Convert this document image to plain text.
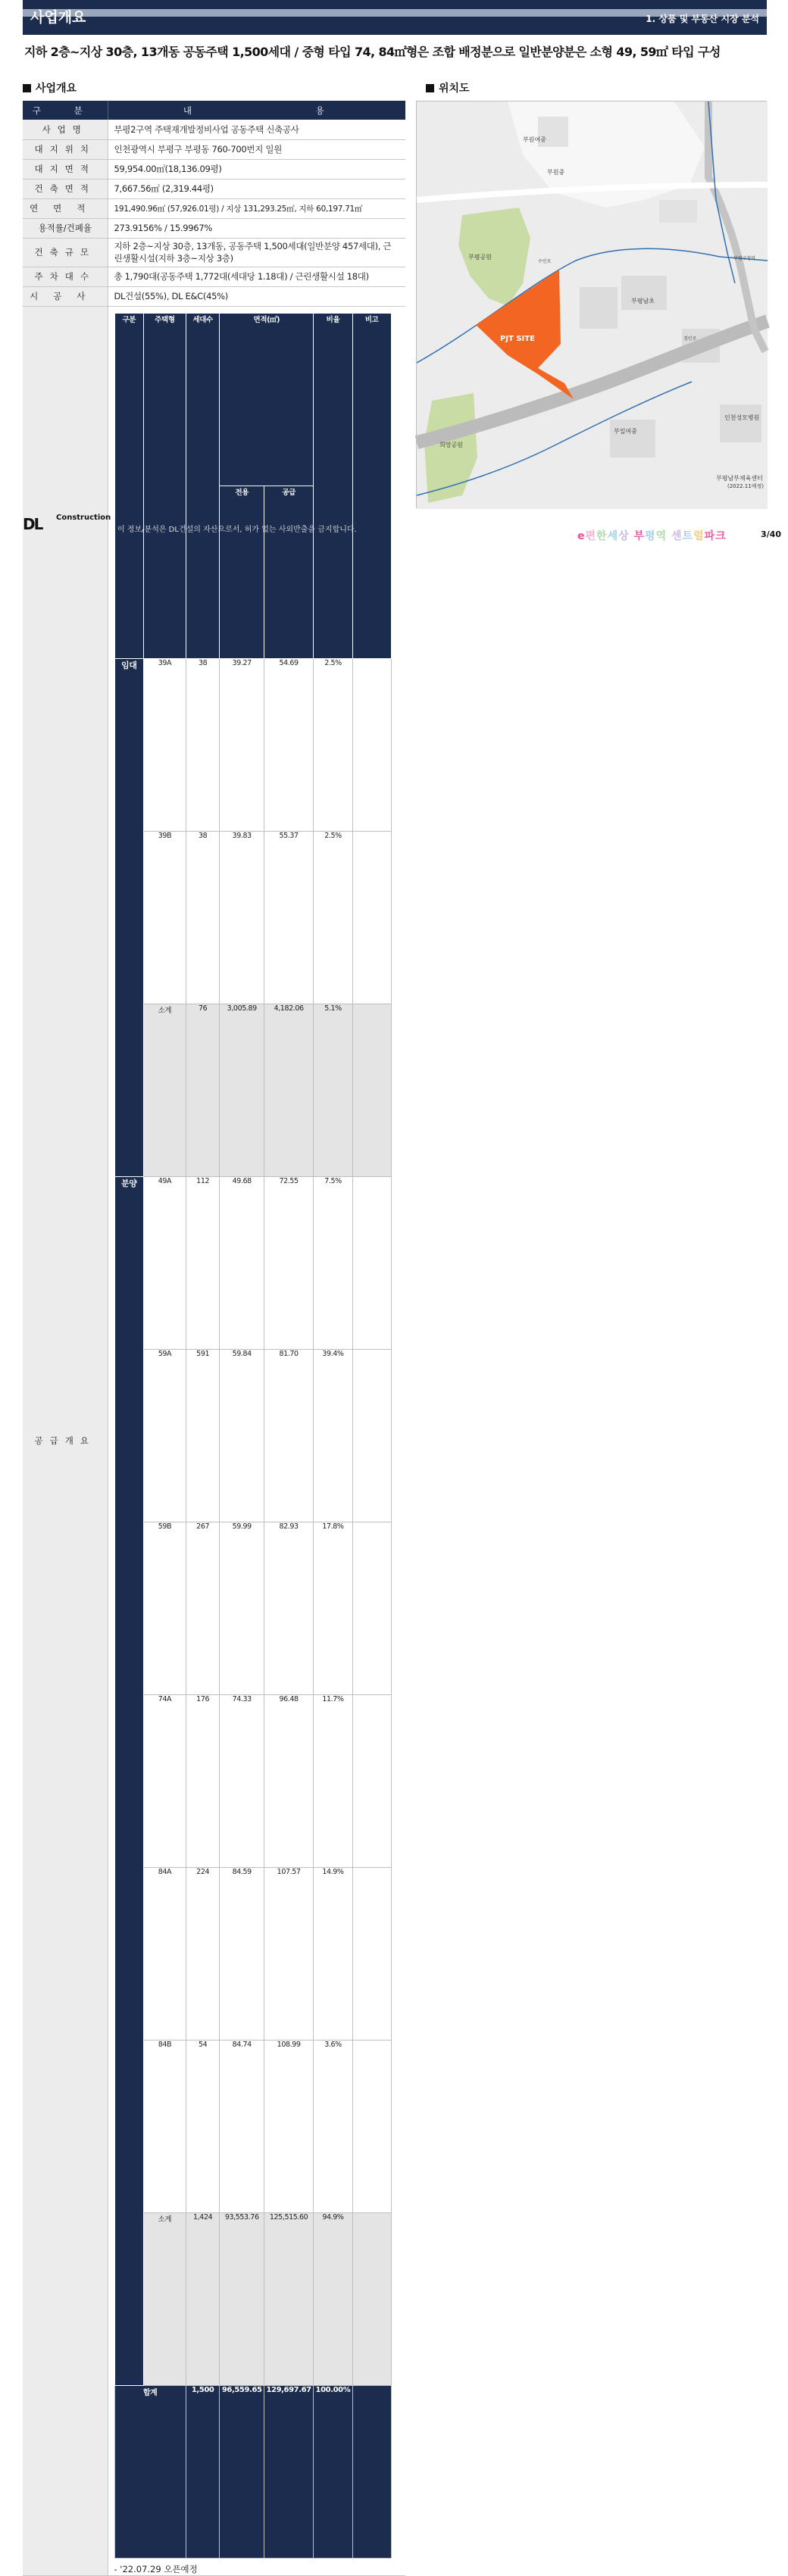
사업개요	1. 상품 및 부동산 시장 분석
지하 2층~지상 30층, 13개동 공동주택 1,500세대 / 중형 타입 74, 84㎡형은 조합 배정분으로 일반분양분은 소형 49, 59㎡ 타입 구성
사업개요	위치도
구 분	내 용
사업명	부평2구역 주택재개발정비사업 공동주택 신축공사
대지위치	인천광역시 부평구 부평동 760-700번지 일원
대지면적	59,954.00㎡(18,136.09평)
건축면적	7,667.56㎡ (2,319.44평)
연면적	191,490.96㎡ (57,926.01평) / 지상 131,293.25㎡, 지하 60,197.71㎡
용적률/건폐율	273.9156% / 15.9967%
건축규모	지하 2층~지상 30층, 13개동, 공동주택 1,500세대(일반분양 457세대), 근린생활시설(지하 3층~지상 3층)
주차대수	총 1,790대(공동주택 1,772대(세대당 1.18대) / 근린생활시설 18대)
시공사	DL건설(55%), DL E&C(45%)
공급개요	
구분	주택형	세대수	면적(㎡)	비율	비고
전용	공급
임대	39A	38	39.27	54.69	2.5%	
39B	38	39.83	55.37	2.5%	
소계	76	3,005.89	4,182.06	5.1%	
분양	49A	112	49.68	72.55	7.5%	
59A	591	59.84	81.70	39.4%	
59B	267	59.99	82.93	17.8%	
74A	176	74.33	96.48	11.7%	
84A	224	84.59	107.57	14.9%	
84B	54	84.74	108.99	3.6%	
소계	1,424	93,553.76	125,515.60	94.9%	
합계	1,500	96,559.65	129,697.67	100.00%	
- '22.07.29 오픈예정
부원여중
부원중
부평공원
부평남초
PJT SITE
부일여중
인천성모병원
희망공원
부평남부체육센터
(2022.11예정)
부평구청역
경인로
수인로
DL Construction
이 정보/분석은 DL건설의 자산으로서, 허가 없는 사외반출을 금지합니다.
e편한세상 부평역 센트럴파크	3/40
